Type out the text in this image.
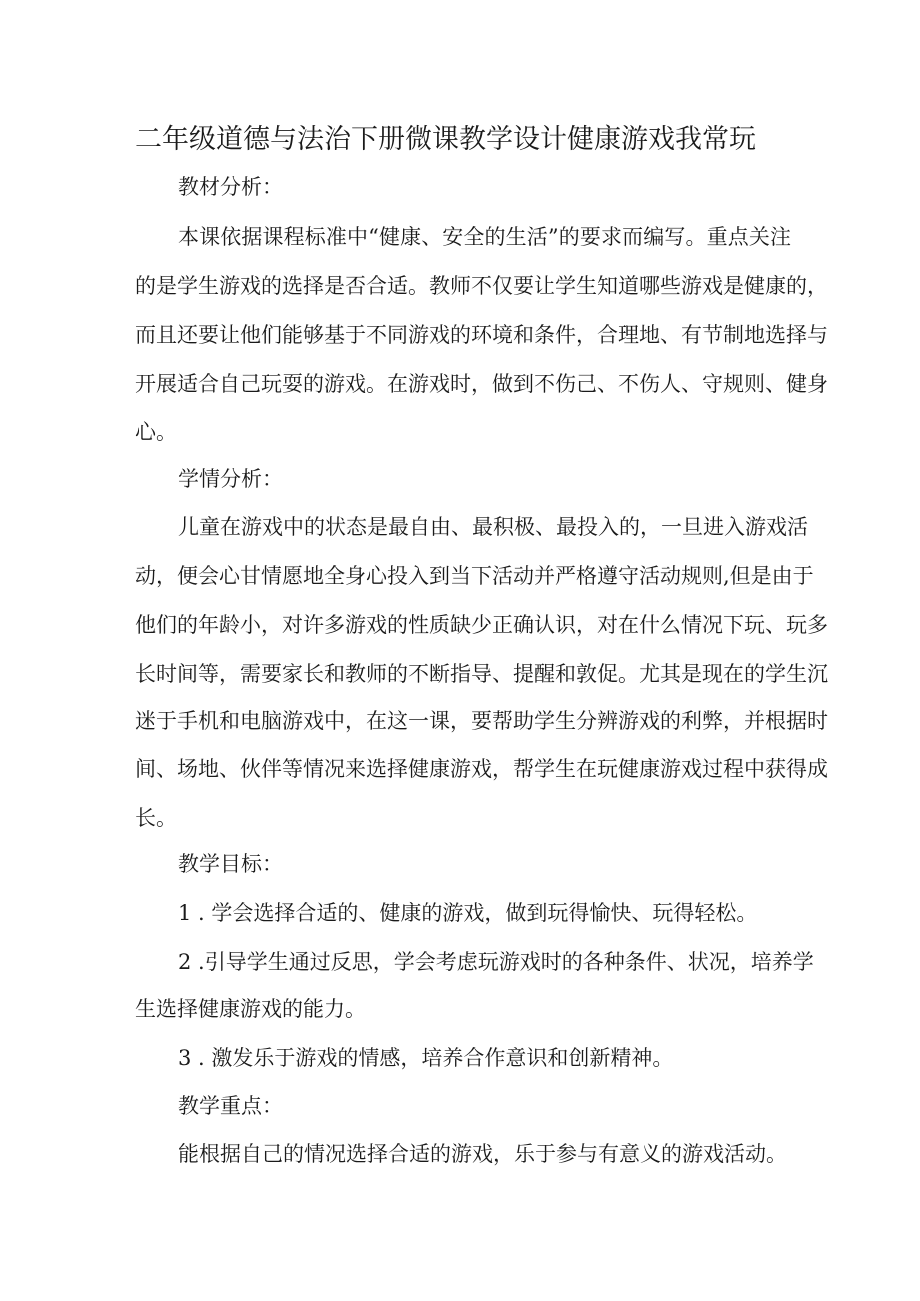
二年级道德与法治下册微课教学设计健康游戏我常玩
教材分析：
本课依据课程标准中“健康、安全的生活”的要求而编写。重点关注
的是学生游戏的选择是否合适。教师不仅要让学生知道哪些游戏是健康的，
而且还要让他们能够基于不同游戏的环境和条件，合理地、有节制地选择与
开展适合自己玩耍的游戏。在游戏时，做到不伤己、不伤人、守规则、健身
心。
学情分析：
儿童在游戏中的状态是最自由、最积极、最投入的，一旦进入游戏活
动，便会心甘情愿地全身心投入到当下活动并严格遵守活动规则,但是由于
他们的年龄小，对许多游戏的性质缺少正确认识，对在什么情况下玩、玩多
长时间等，需要家长和教师的不断指导、提醒和敦促。尤其是现在的学生沉
迷于手机和电脑游戏中，在这一课，要帮助学生分辨游戏的利弊，并根据时
间、场地、伙伴等情况来选择健康游戏，帮学生在玩健康游戏过程中获得成
长。
教学目标：
1 . 学会选择合适的、健康的游戏，做到玩得愉快、玩得轻松。
2 .引导学生通过反思，学会考虑玩游戏时的各种条件、状况，培养学
生选择健康游戏的能力。
3 . 激发乐于游戏的情感，培养合作意识和创新精神。
教学重点：
能根据自己的情况选择合适的游戏，乐于参与有意义的游戏活动。
